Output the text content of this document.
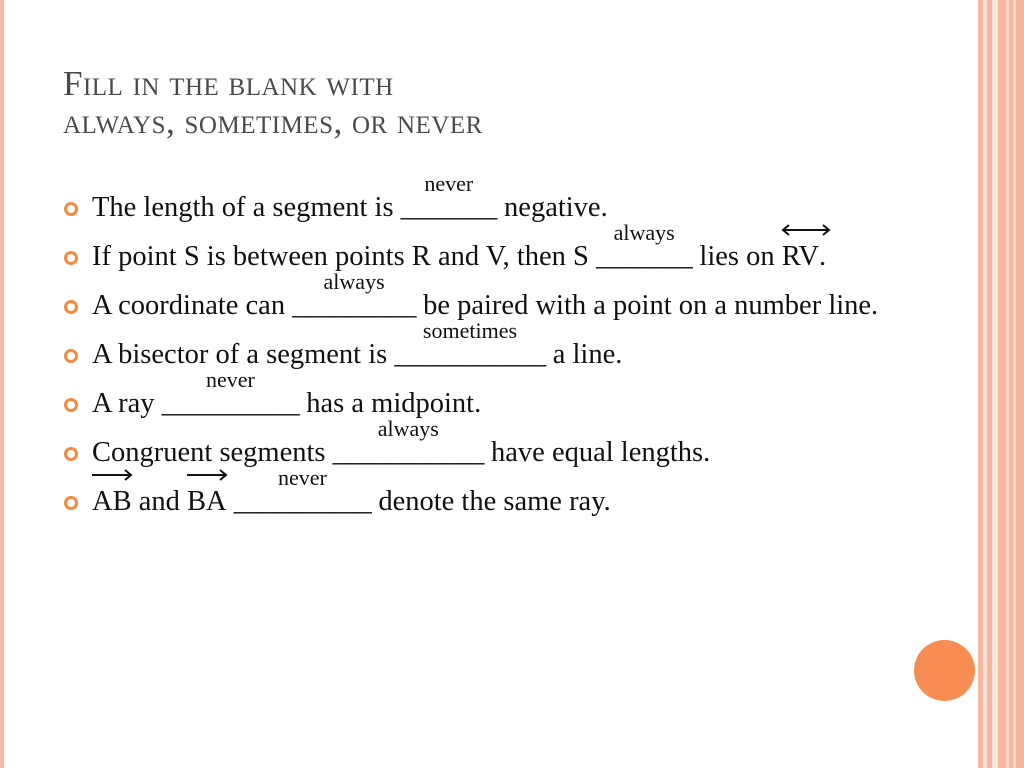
Fill in the blank with
always, sometimes, or never
The length of a segment is
never
_______ negative.
If point S is between points R and V, then S
always
_______ lies on
RV.
A coordinate can
always
_________ be paired with a point on a number line.
A bisector of a segment is
sometimes
___________ a line.
A ray
never
__________ has a midpoint.
Congruent segments
always
___________ have equal lengths.
AB and
BA
never
__________ denote the same ray.
